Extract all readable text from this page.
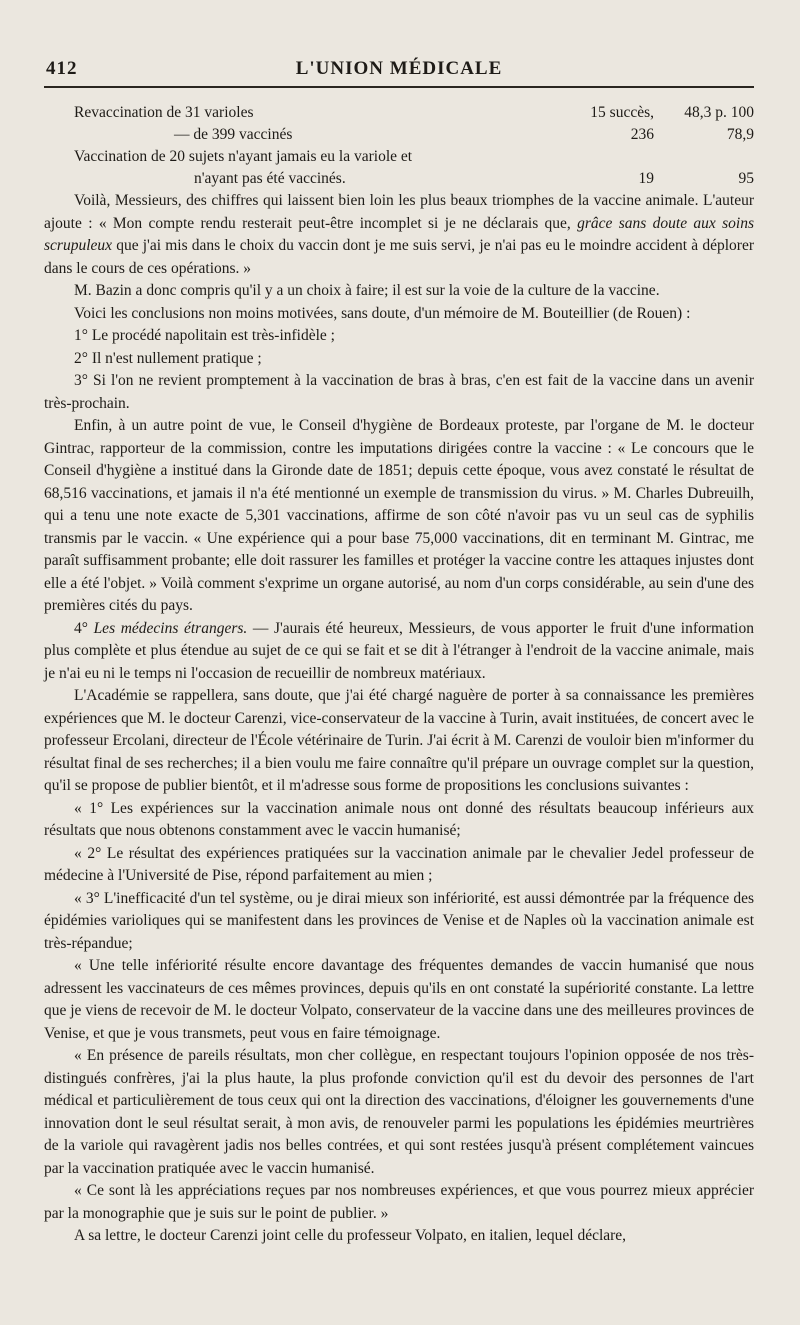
412	L'UNION MÉDICALE
Revaccination de 31 varioles	15 succès,	48,3 p. 100
— de 399 vaccinés	236	78,9
Vaccination de 20 sujets n'ayant jamais eu la variole et
n'ayant pas été vaccinés.	19	95

Voilà, Messieurs, des chiffres qui laissent bien loin les plus beaux triomphes de la vaccine animale. L'auteur ajoute : « Mon compte rendu resterait peut-être incomplet si je ne déclarais que, grâce sans doute aux soins scrupuleux que j'ai mis dans le choix du vaccin dont je me suis servi, je n'ai pas eu le moindre accident à déplorer dans le cours de ces opérations. »

M. Bazin a donc compris qu'il y a un choix à faire; il est sur la voie de la culture de la vaccine.

Voici les conclusions non moins motivées, sans doute, d'un mémoire de M. Bouteillier (de Rouen) :

1° Le procédé napolitain est très-infidèle ;

2° Il n'est nullement pratique ;

3° Si l'on ne revient promptement à la vaccination de bras à bras, c'en est fait de la vaccine dans un avenir très-prochain.

Enfin, à un autre point de vue, le Conseil d'hygiène de Bordeaux proteste, par l'organe de M. le docteur Gintrac, rapporteur de la commission, contre les imputations dirigées contre la vaccine : « Le concours que le Conseil d'hygiène a institué dans la Gironde date de 1851; depuis cette époque, vous avez constaté le résultat de 68,516 vaccinations, et jamais il n'a été mentionné un exemple de transmission du virus. » M. Charles Dubreuilh, qui a tenu une note exacte de 5,301 vaccinations, affirme de son côté n'avoir pas vu un seul cas de syphilis transmis par le vaccin. « Une expérience qui a pour base 75,000 vaccinations, dit en terminant M. Gintrac, me paraît suffisamment probante; elle doit rassurer les familles et protéger la vaccine contre les attaques injustes dont elle a été l'objet. » Voilà comment s'exprime un organe autorisé, au nom d'un corps considérable, au sein d'une des premières cités du pays.

4° Les médecins étrangers. — J'aurais été heureux, Messieurs, de vous apporter le fruit d'une information plus complète et plus étendue au sujet de ce qui se fait et se dit à l'étranger à l'endroit de la vaccine animale, mais je n'ai eu ni le temps ni l'occasion de recueillir de nombreux matériaux.

L'Académie se rappellera, sans doute, que j'ai été chargé naguère de porter à sa connaissance les premières expériences que M. le docteur Carenzi, vice-conservateur de la vaccine à Turin, avait instituées, de concert avec le professeur Ercolani, directeur de l'École vétérinaire de Turin. J'ai écrit à M. Carenzi de vouloir bien m'informer du résultat final de ses recherches; il a bien voulu me faire connaître qu'il prépare un ouvrage complet sur la question, qu'il se propose de publier bientôt, et il m'adresse sous forme de propositions les conclusions suivantes :

« 1° Les expériences sur la vaccination animale nous ont donné des résultats beaucoup inférieurs aux résultats que nous obtenons constamment avec le vaccin humanisé;

« 2° Le résultat des expériences pratiquées sur la vaccination animale par le chevalier Jedel professeur de médecine à l'Université de Pise, répond parfaitement au mien ;

« 3° L'inefficacité d'un tel système, ou je dirai mieux son infériorité, est aussi démontrée par la fréquence des épidémies varioliques qui se manifestent dans les provinces de Venise et de Naples où la vaccination animale est très-répandue;

« Une telle infériorité résulte encore davantage des fréquentes demandes de vaccin humanisé que nous adressent les vaccinateurs de ces mêmes provinces, depuis qu'ils en ont constaté la supériorité constante. La lettre que je viens de recevoir de M. le docteur Volpato, conservateur de la vaccine dans une des meilleures provinces de Venise, et que je vous transmets, peut vous en faire témoignage.

« En présence de pareils résultats, mon cher collègue, en respectant toujours l'opinion opposée de nos très-distingués confrères, j'ai la plus haute, la plus profonde conviction qu'il est du devoir des personnes de l'art médical et particulièrement de tous ceux qui ont la direction des vaccinations, d'éloigner les gouvernements d'une innovation dont le seul résultat serait, à mon avis, de renouveler parmi les populations les épidémies meurtrières de la variole qui ravagèrent jadis nos belles contrées, et qui sont restées jusqu'à présent complétement vaincues par la vaccination pratiquée avec le vaccin humanisé.

« Ce sont là les appréciations reçues par nos nombreuses expériences, et que vous pourrez mieux apprécier par la monographie que je suis sur le point de publier. »

A sa lettre, le docteur Carenzi joint celle du professeur Volpato, en italien, lequel déclare,
